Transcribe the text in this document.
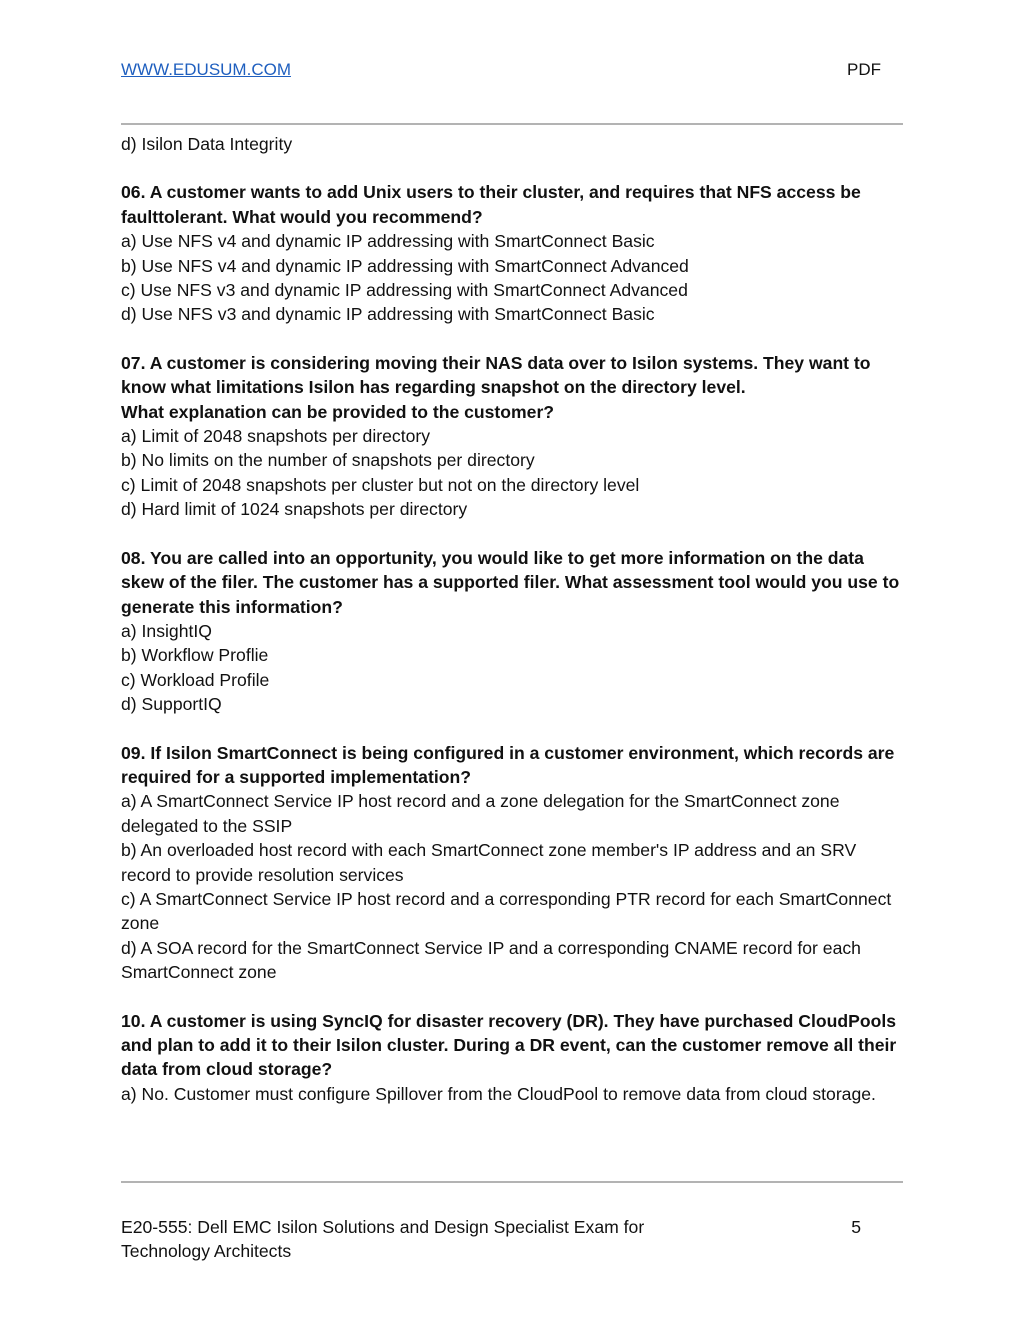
WWW.EDUSUM.COM	PDF

d) Isilon Data Integrity

06. A customer wants to add Unix users to their cluster, and requires that NFS access be faulttolerant. What would you recommend?

a) Use NFS v4 and dynamic IP addressing with SmartConnect Basic

b) Use NFS v4 and dynamic IP addressing with SmartConnect Advanced

c) Use NFS v3 and dynamic IP addressing with SmartConnect Advanced

d) Use NFS v3 and dynamic IP addressing with SmartConnect Basic

07. A customer is considering moving their NAS data over to Isilon systems. They want to know what limitations Isilon has regarding snapshot on the directory level.

What explanation can be provided to the customer?

a) Limit of 2048 snapshots per directory

b) No limits on the number of snapshots per directory

c) Limit of 2048 snapshots per cluster but not on the directory level

d) Hard limit of 1024 snapshots per directory

08. You are called into an opportunity, you would like to get more information on the data skew of the filer. The customer has a supported filer. What assessment tool would you use to generate this information?

a) InsightIQ

b) Workflow Proflie

c) Workload Profile

d) SupportIQ

09. If Isilon SmartConnect is being configured in a customer environment, which records are required for a supported implementation?

a) A SmartConnect Service IP host record and a zone delegation for the SmartConnect zone delegated to the SSIP

b) An overloaded host record with each SmartConnect zone member's IP address and an SRV record to provide resolution services

c) A SmartConnect Service IP host record and a corresponding PTR record for each SmartConnect zone

d) A SOA record for the SmartConnect Service IP and a corresponding CNAME record for each SmartConnect zone

10. A customer is using SyncIQ for disaster recovery (DR). They have purchased CloudPools and plan to add it to their Isilon cluster. During a DR event, can the customer remove all their data from cloud storage?

a) No. Customer must configure Spillover from the CloudPool to remove data from cloud storage.

E20-555: Dell EMC Isilon Solutions and Design Specialist Exam for Technology Architects
5
